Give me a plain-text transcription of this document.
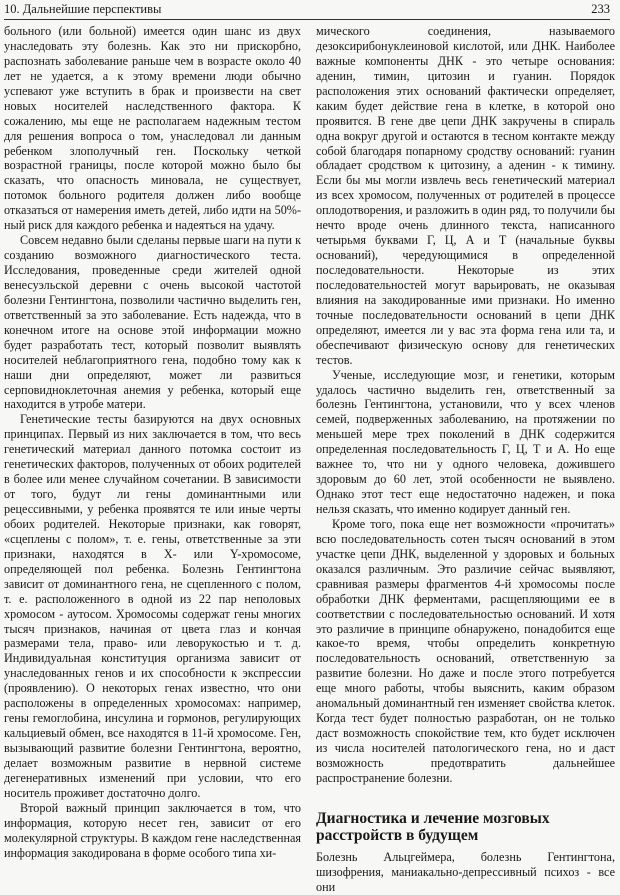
10. Дальнейшие перспективы	233

больного (или больной) имеется один шанс из двух унаследовать эту болезнь. Как это ни прискорбно, распознать заболевание раньше чем в возрасте около 40 лет не удается, а к этому времени люди обычно успевают уже вступить в брак и произвести на свет новых носителей наследственного фактора. К сожалению, мы еще не располагаем надежным тестом для решения вопроса о том, унаследовал ли данным ребенком злополучный ген. Поскольку четкой возрастной границы, после которой можно было бы сказать, что опасность миновала, не существует, потомок больного родителя должен либо вообще отказаться от намерения иметь детей, либо идти на 50%-ный риск для каждого ребенка и надеяться на удачу.

Совсем недавно были сделаны первые шаги на пути к созданию возможного диагностического теста. Исследования, проведенные среди жителей одной венесуэльской деревни с очень высокой частотой болезни Гентингтона, позволили частично выделить ген, ответственный за это заболевание. Есть надежда, что в конечном итоге на основе этой информации можно будет разработать тест, который позволит выявлять носителей неблагоприятного гена, подобно тому как к наши дни определяют, может ли развиться серповидноклеточная анемия у ребенка, который еще находится в утробе матери.

Генетические тесты базируются на двух основных принципах. Первый из них заключается в том, что весь генетический материал данного потомка состоит из генетических факторов, полученных от обоих родителей в более или менее случайном сочетании. В зависимости от того, будут ли гены доминантными или рецессивными, у ребенка проявятся те или иные черты обоих родителей. Некоторые признаки, как говорят, «сцеплены с полом», т. е. гены, ответственные за эти признаки, находятся в Х- или Y-хромосоме, определяющей пол ребенка. Болезнь Гентингтона зависит от доминантного гена, не сцепленного с полом, т. е. расположенного в одной из 22 пар неполовых хромосом - аутосом. Хромосомы содержат гены многих тысяч признаков, начиная от цвета глаз и кончая размерами тела, право- или леворукостью и т. д. Индивидуальная конституция организма зависит от унаследованных генов и их способности к экспрессии (проявлению). О некоторых генах известно, что они расположены в определенных хромосомах: например, гены гемоглобина, инсулина и гормонов, регулирующих кальциевый обмен, все находятся в 11-й хромосоме. Ген, вызывающий развитие болезни Гентингтона, вероятно, делает возможным развитие в нервной системе дегенеративных изменений при условии, что его носитель проживет достаточно долго.

Второй важный принцип заключается в том, что информация, которую несет ген, зависит от его молекулярной структуры. В каждом гене наследственная информация закодирована в форме особого типа хи-

мического соединения, называемого дезоксирибонуклеиновой кислотой, или ДНК. Наиболее важные компоненты ДНК - это четыре основания: аденин, тимин, цитозин и гуанин. Порядок расположения этих оснований фактически определяет, каким будет действие гена в клетке, в которой оно проявится. В гене две цепи ДНК закручены в спираль одна вокруг другой и остаются в тесном контакте между собой благодаря попарному сродству оснований: гуанин обладает сродством к цитозину, а аденин - к тимину. Если бы мы могли извлечь весь генетический материал из всех хромосом, полученных от родителей в процессе оплодотворения, и разложить в один ряд, то получили бы нечто вроде очень длинного текста, написанного четырьмя буквами Г, Ц, А и Т (начальные буквы оснований), чередующимися в определенной последовательности. Некоторые из этих последовательностей могут варьировать, не оказывая влияния на закодированные ими признаки. Но именно точные последовательности оснований в цепи ДНК определяют, имеется ли у вас эта форма гена или та, и обеспечивают физическую основу для генетических тестов.

Ученые, исследующие мозг, и генетики, которым удалось частично выделить ген, ответственный за болезнь Гентингтона, установили, что у всех членов семей, подверженных заболеванию, на протяжении по меньшей мере трех поколений в ДНК содержится определенная последовательность Г, Ц, Т и А. Но еще важнее то, что ни у одного человека, дожившего здоровым до 60 лет, этой особенности не выявлено. Однако этот тест еще недостаточно надежен, и пока нельзя сказать, что именно кодирует данный ген.

Кроме того, пока еще нет возможности «прочитать» всю последовательность сотен тысяч оснований в этом участке цепи ДНК, выделенной у здоровых и больных оказался различным. Это различие сейчас выявляют, сравнивая размеры фрагментов 4-й хромосомы после обработки ДНК ферментами, расщепляющими ее в соответствии с последовательностью оснований. И хотя это различие в принципе обнаружено, понадобится еще какое-то время, чтобы определить конкретную последовательность оснований, ответственную за развитие болезни. Но даже и после этого потребуется еще много работы, чтобы выяснить, каким образом аномальный доминантный ген изменяет свойства клеток. Когда тест будет полностью разработан, он не только даст возможность спокойствие тем, кто будет исключен из числа носителей патологического гена, но и даст возможность предотвратить дальнейшее распространение болезни.

Диагностика и лечение мозговых
расстройств в будущем

Болезнь Альцгеймера, болезнь Гентингтона, шизофрения, маниакально-депрессивный психоз - все они
